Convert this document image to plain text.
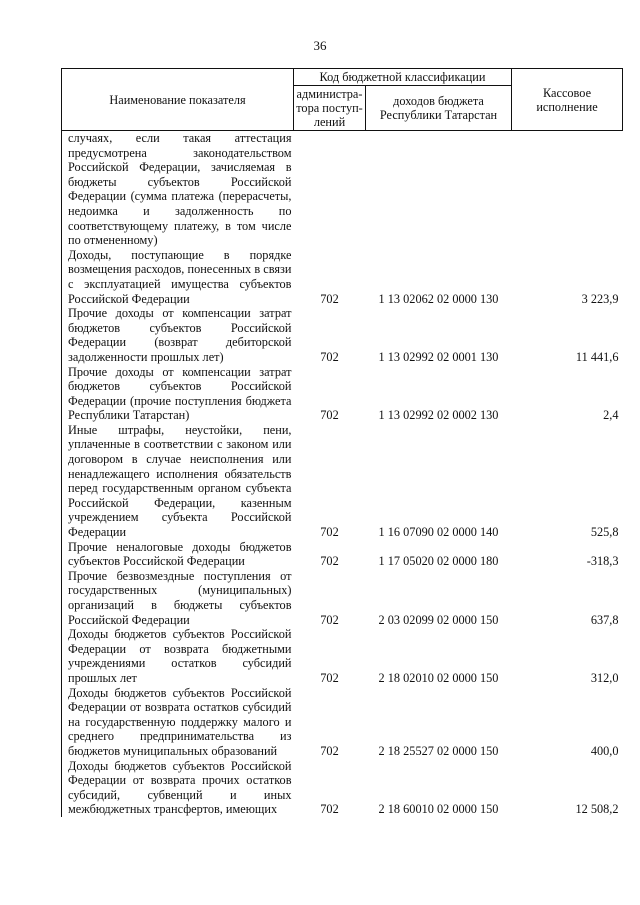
36
Наименование показателя	Код бюджетной классификации		Кассовое исполнение
	администра-тора поступ-лений	доходов бюджета Республики Татарстан	
случаях, если такая аттестация предусмотрена законодательством Российской Федерации, зачисляемая в бюджеты субъектов Российской Федерации (сумма платежа (перерасчеты, недоимка и задолженность по соответствующему платежу, в том числе по отмененному)			
Доходы, поступающие в порядке возмещения расходов, понесенных в связи с эксплуатацией имущества субъектов Российской Федерации	702	1 13 02062 02 0000 130	3 223,9
Прочие доходы от компенсации затрат бюджетов субъектов Российской Федерации (возврат дебиторской задолженности прошлых лет)	702	1 13 02992 02 0001 130	11 441,6
Прочие доходы от компенсации затрат бюджетов субъектов Российской Федерации (прочие поступления бюджета Республики Татарстан)	702	1 13 02992 02 0002 130	2,4
Иные штрафы, неустойки, пени, уплаченные в соответствии с законом или договором в случае неисполнения или ненадлежащего исполнения обязательств перед государственным органом субъекта Российской Федерации, казенным учреждением субъекта Российской Федерации	702	1 16 07090 02 0000 140	525,8
Прочие неналоговые доходы бюджетов субъектов Российской Федерации	702	1 17 05020 02 0000 180	-318,3
Прочие безвозмездные поступления от государственных (муниципальных) организаций в бюджеты субъектов Российской Федерации	702	2 03 02099 02 0000 150	637,8
Доходы бюджетов субъектов Российской Федерации от возврата бюджетными учреждениями остатков субсидий прошлых лет	702	2 18 02010 02 0000 150	312,0
Доходы бюджетов субъектов Российской Федерации от возврата остатков субсидий на государственную поддержку малого и среднего предпринимательства из бюджетов муниципальных образований	702	2 18 25527 02 0000 150	400,0
Доходы бюджетов субъектов Российской Федерации от возврата прочих остатков субсидий, субвенций и иных межбюджетных трансфертов, имеющих	702	2 18 60010 02 0000 150	12 508,2
